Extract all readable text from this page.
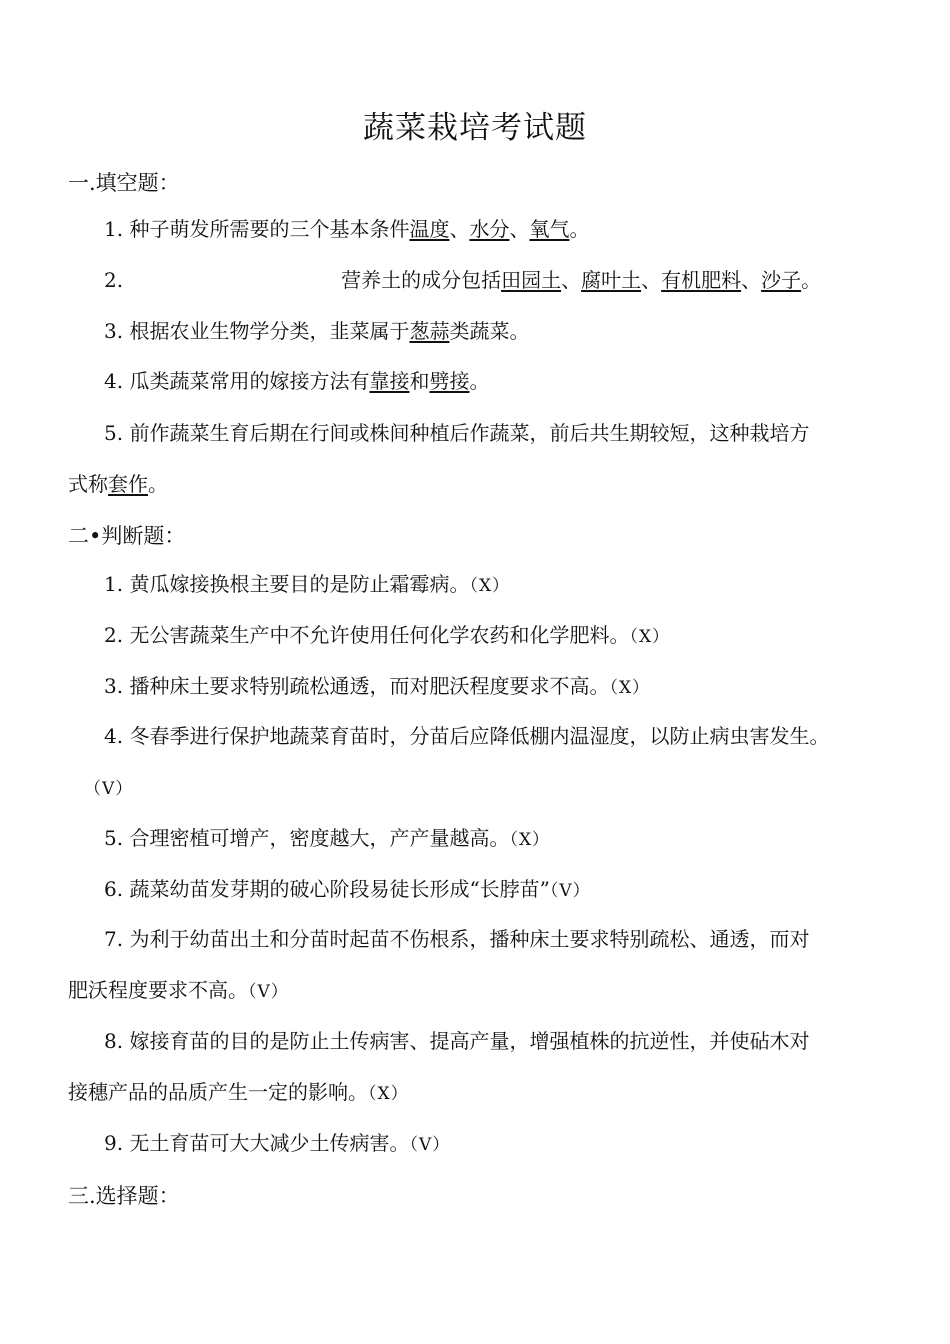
蔬菜栽培考试题
一.填空题：
1. 种子萌发所需要的三个基本条件温度、水分、氧气。
2.	营养土的成分包括田园土、腐叶土、有机肥料、沙子。
3. 根据农业生物学分类，韭菜属于葱蒜类蔬菜。
4. 瓜类蔬菜常用的嫁接方法有靠接和劈接。
5. 前作蔬菜生育后期在行间或株间种植后作蔬菜，前后共生期较短，这种栽培方
式称套作。
二•判断题：
1. 黄瓜嫁接换根主要目的是防止霜霉病。（X）
2. 无公害蔬菜生产中不允许使用任何化学农药和化学肥料。（X）
3. 播种床土要求特别疏松通透，而对肥沃程度要求不高。（X）
4. 冬春季进行保护地蔬菜育苗时，分苗后应降低棚内温湿度，以防止病虫害发生。
（V）
5. 合理密植可增产，密度越大，产产量越高。（X）
6. 蔬菜幼苗发芽期的破心阶段易徒长形成“长脖苗”（V）
7. 为利于幼苗出土和分苗时起苗不伤根系，播种床土要求特别疏松、通透，而对
肥沃程度要求不高。（V）
8. 嫁接育苗的目的是防止土传病害、提高产量，增强植株的抗逆性，并使砧木对
接穗产品的品质产生一定的影响。（X）
9. 无土育苗可大大减少土传病害。（V）
三.选择题：
